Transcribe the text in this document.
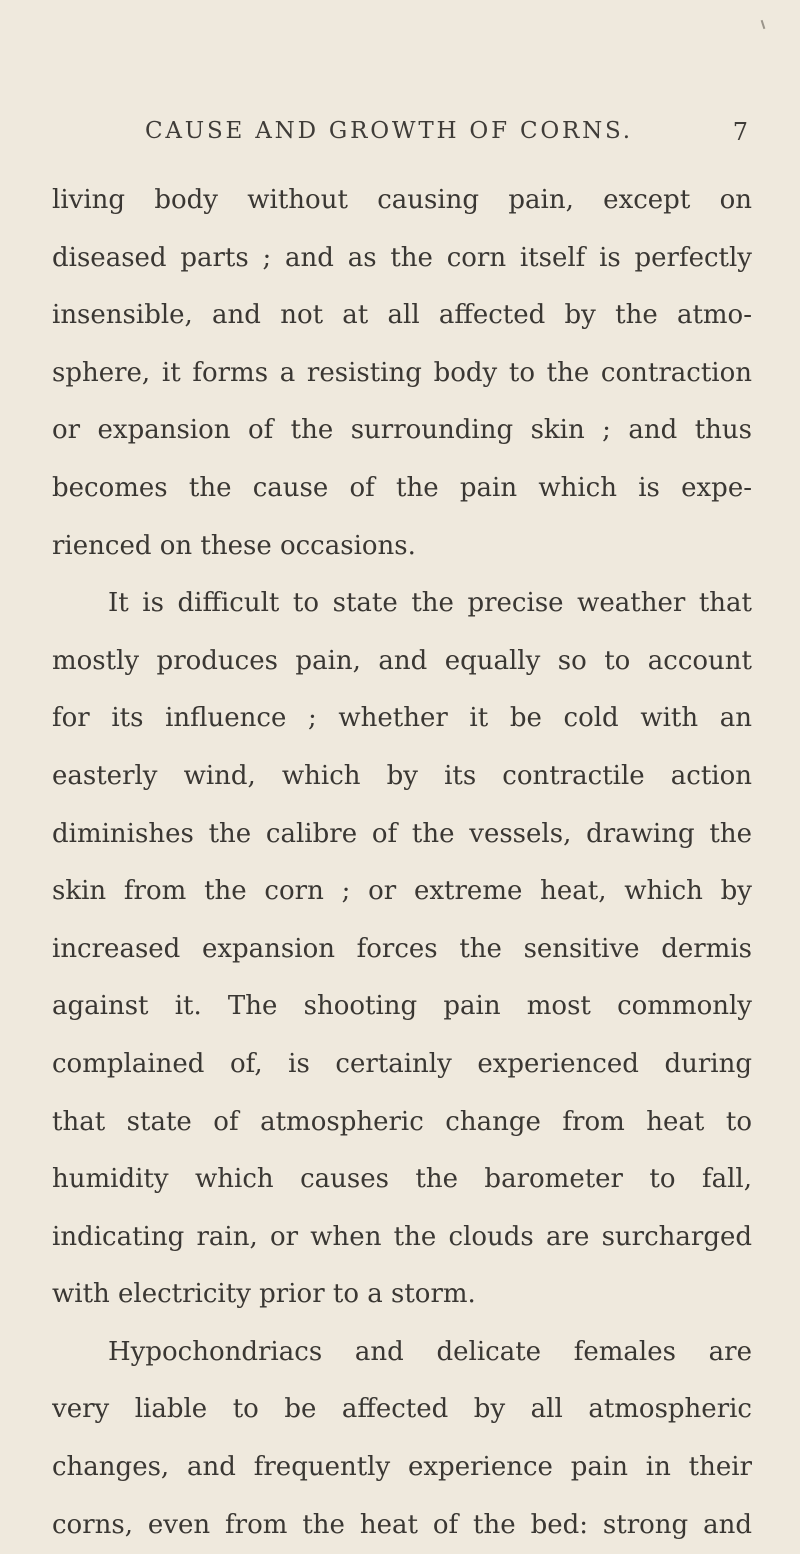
CAUSE AND GROWTH OF CORNS.	7
living body without causing pain, except on
diseased parts ; and as the corn itself is perfectly
insensible, and not at all affected by the atmo-
sphere, it forms a resisting body to the contraction
or expansion of the surrounding skin ; and thus
becomes the cause of the pain which is expe-
rienced on these occasions.
It is difficult to state the precise weather that
mostly produces pain, and equally so to account
for its influence ; whether it be cold with an
easterly wind, which by its contractile action
diminishes the calibre of the vessels, drawing the
skin from the corn ; or extreme heat, which by
increased expansion forces the sensitive dermis
against it. The shooting pain most commonly
complained of, is certainly experienced during
that state of atmospheric change from heat to
humidity which causes the barometer to fall,
indicating rain, or when the clouds are surcharged
with electricity prior to a storm.
Hypochondriacs and delicate females are
very liable to be affected by all atmospheric
changes, and frequently experience pain in their
corns, even from the heat of the bed: strong and
